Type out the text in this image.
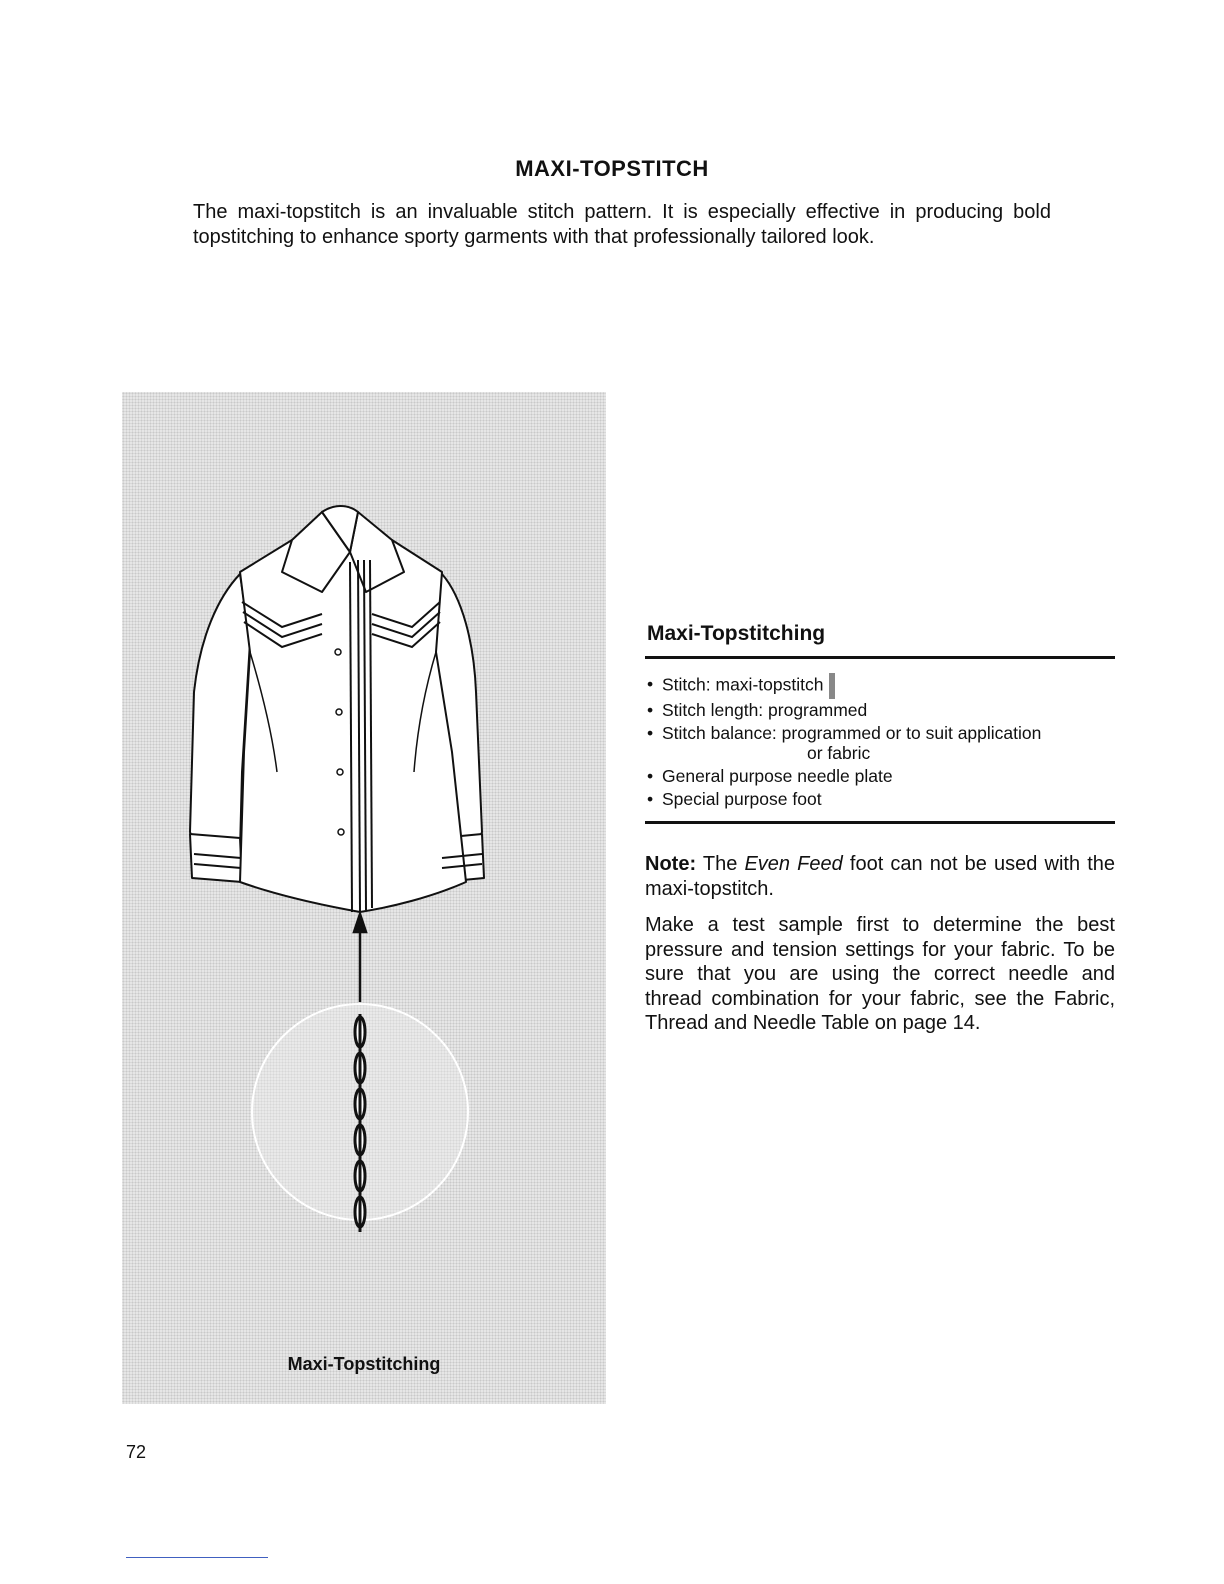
MAXI-TOPSTITCH
The maxi-topstitch is an invaluable stitch pattern. It is especially effective in producing bold topstitching to enhance sporty garments with that professionally tailored look.
Maxi-Topstitching
Maxi-Topstitching
• Stitch: maxi-topstitch
• Stitch length: programmed
• Stitch balance: programmed or to suit application
or fabric
• General purpose needle plate
• Special purpose foot

Note: The Even Feed foot can not be used with the maxi-topstitch.

Make a test sample first to determine the best pressure and tension settings for your fabric. To be sure that you are using the correct needle and thread combination for your fabric, see the Fabric, Thread and Needle Table on page 14.

72
